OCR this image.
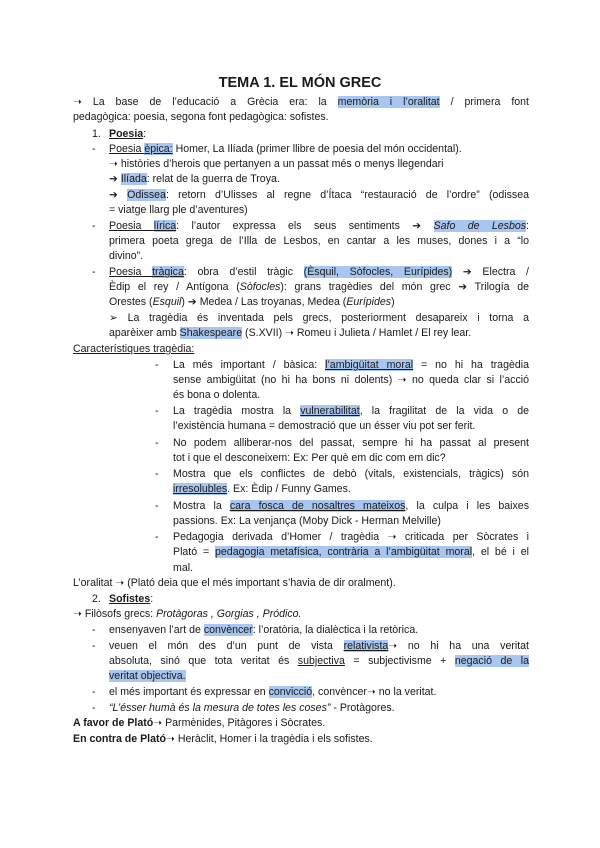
TEMA 1. EL MÓN GREC
➝ La base de l’educació a Grècia era: la memòria i l’oralitat / primera font
pedagògica: poesia, segona font pedagògica: sofistes.
1. Poesia:
- Poesia èpica: Homer, La Ilíada (primer llibre de poesia del món occidental).
➝ històries d’herois que pertanyen a un passat més o menys llegendari
➔ Ilíada: relat de la guerra de Troya.
➔ Odissea: retorn d’Ulisses al regne d’Ítaca “restauració de l’ordre” (odissea
= viatge llarg ple d’aventures)
- Poesia lírica: l’autor expressa els seus sentiments ➔ Safo de Lesbos:
primera poeta grega de l’Illa de Lesbos, en cantar a les muses, dones i a “lo
divino”.
- Poesia tràgica: obra d’estil tràgic (Èsquil, Sòfocles, Eurípides) ➔ Electra /
Èdip el rey / Antígona (Sòfocles): grans tragèdies del món grec ➔ Trilogía de
Orestes (Esquil) ➔ Medea / Las troyanas, Medea (Eurípides)
➢ La tragèdia és inventada pels grecs, posteriorment desapareix i torna a
aparèixer amb Shakespeare (S.XVII) ➝ Romeu i Julieta / Hamlet / El rey lear.
Característiques tragèdia:
- La més important / bàsica: l’ambigüitat moral = no hi ha tragèdia
sense ambigüitat (no hi ha bons ni dolents) ➝ no queda clar si l’acció
és bona o dolenta.
- La tragèdia mostra la vulnerabilitat, la fragilitat de la vida o de
l’existència humana = demostració que un ésser viu pot ser ferit.
- No podem alliberar-nos del passat, sempre hi ha passat al present
tot i que el desconeixem: Ex: Per què em dic com em dic?
- Mostra que els conflictes de debò (vitals, existencials, tràgics) són
irresolubles. Ex: Èdip / Funny Games.
- Mostra la cara fosca de nosaltres mateixos, la culpa i les baixes
passions. Ex: La venjança (Moby Dick - Herman Melville)
- Pedagogia derivada d’Homer / tragèdia ➝ criticada per Sòcrates i
Plató = pedagogia metafísica, contrària a l’ambigüitat moral, el bé i el
mal.
L’oralitat ➝ (Plató deia que el més important s’havia de dir oralment).
2. Sofistes:
➝ Filòsofs grecs: Protàgoras , Gorgias , Pródico.
- ensenyaven l’art de convèncer: l’oratòria, la dialèctica i la retòrica.
- veuen el món des d’un punt de vista relativista➝ no hi ha una veritat
absoluta, sinó que tota veritat és subjectiva = subjectivisme + negació de la
veritat objectiva.
- el més important és expressar en convicció, convèncer➝ no la veritat.
- “L’ésser humà és la mesura de totes les coses” - Protàgores.
A favor de Plató➝ Parmènides, Pitàgores i Sòcrates.
En contra de Plató➝ Heràclit, Homer i la tragèdia i els sofistes.
